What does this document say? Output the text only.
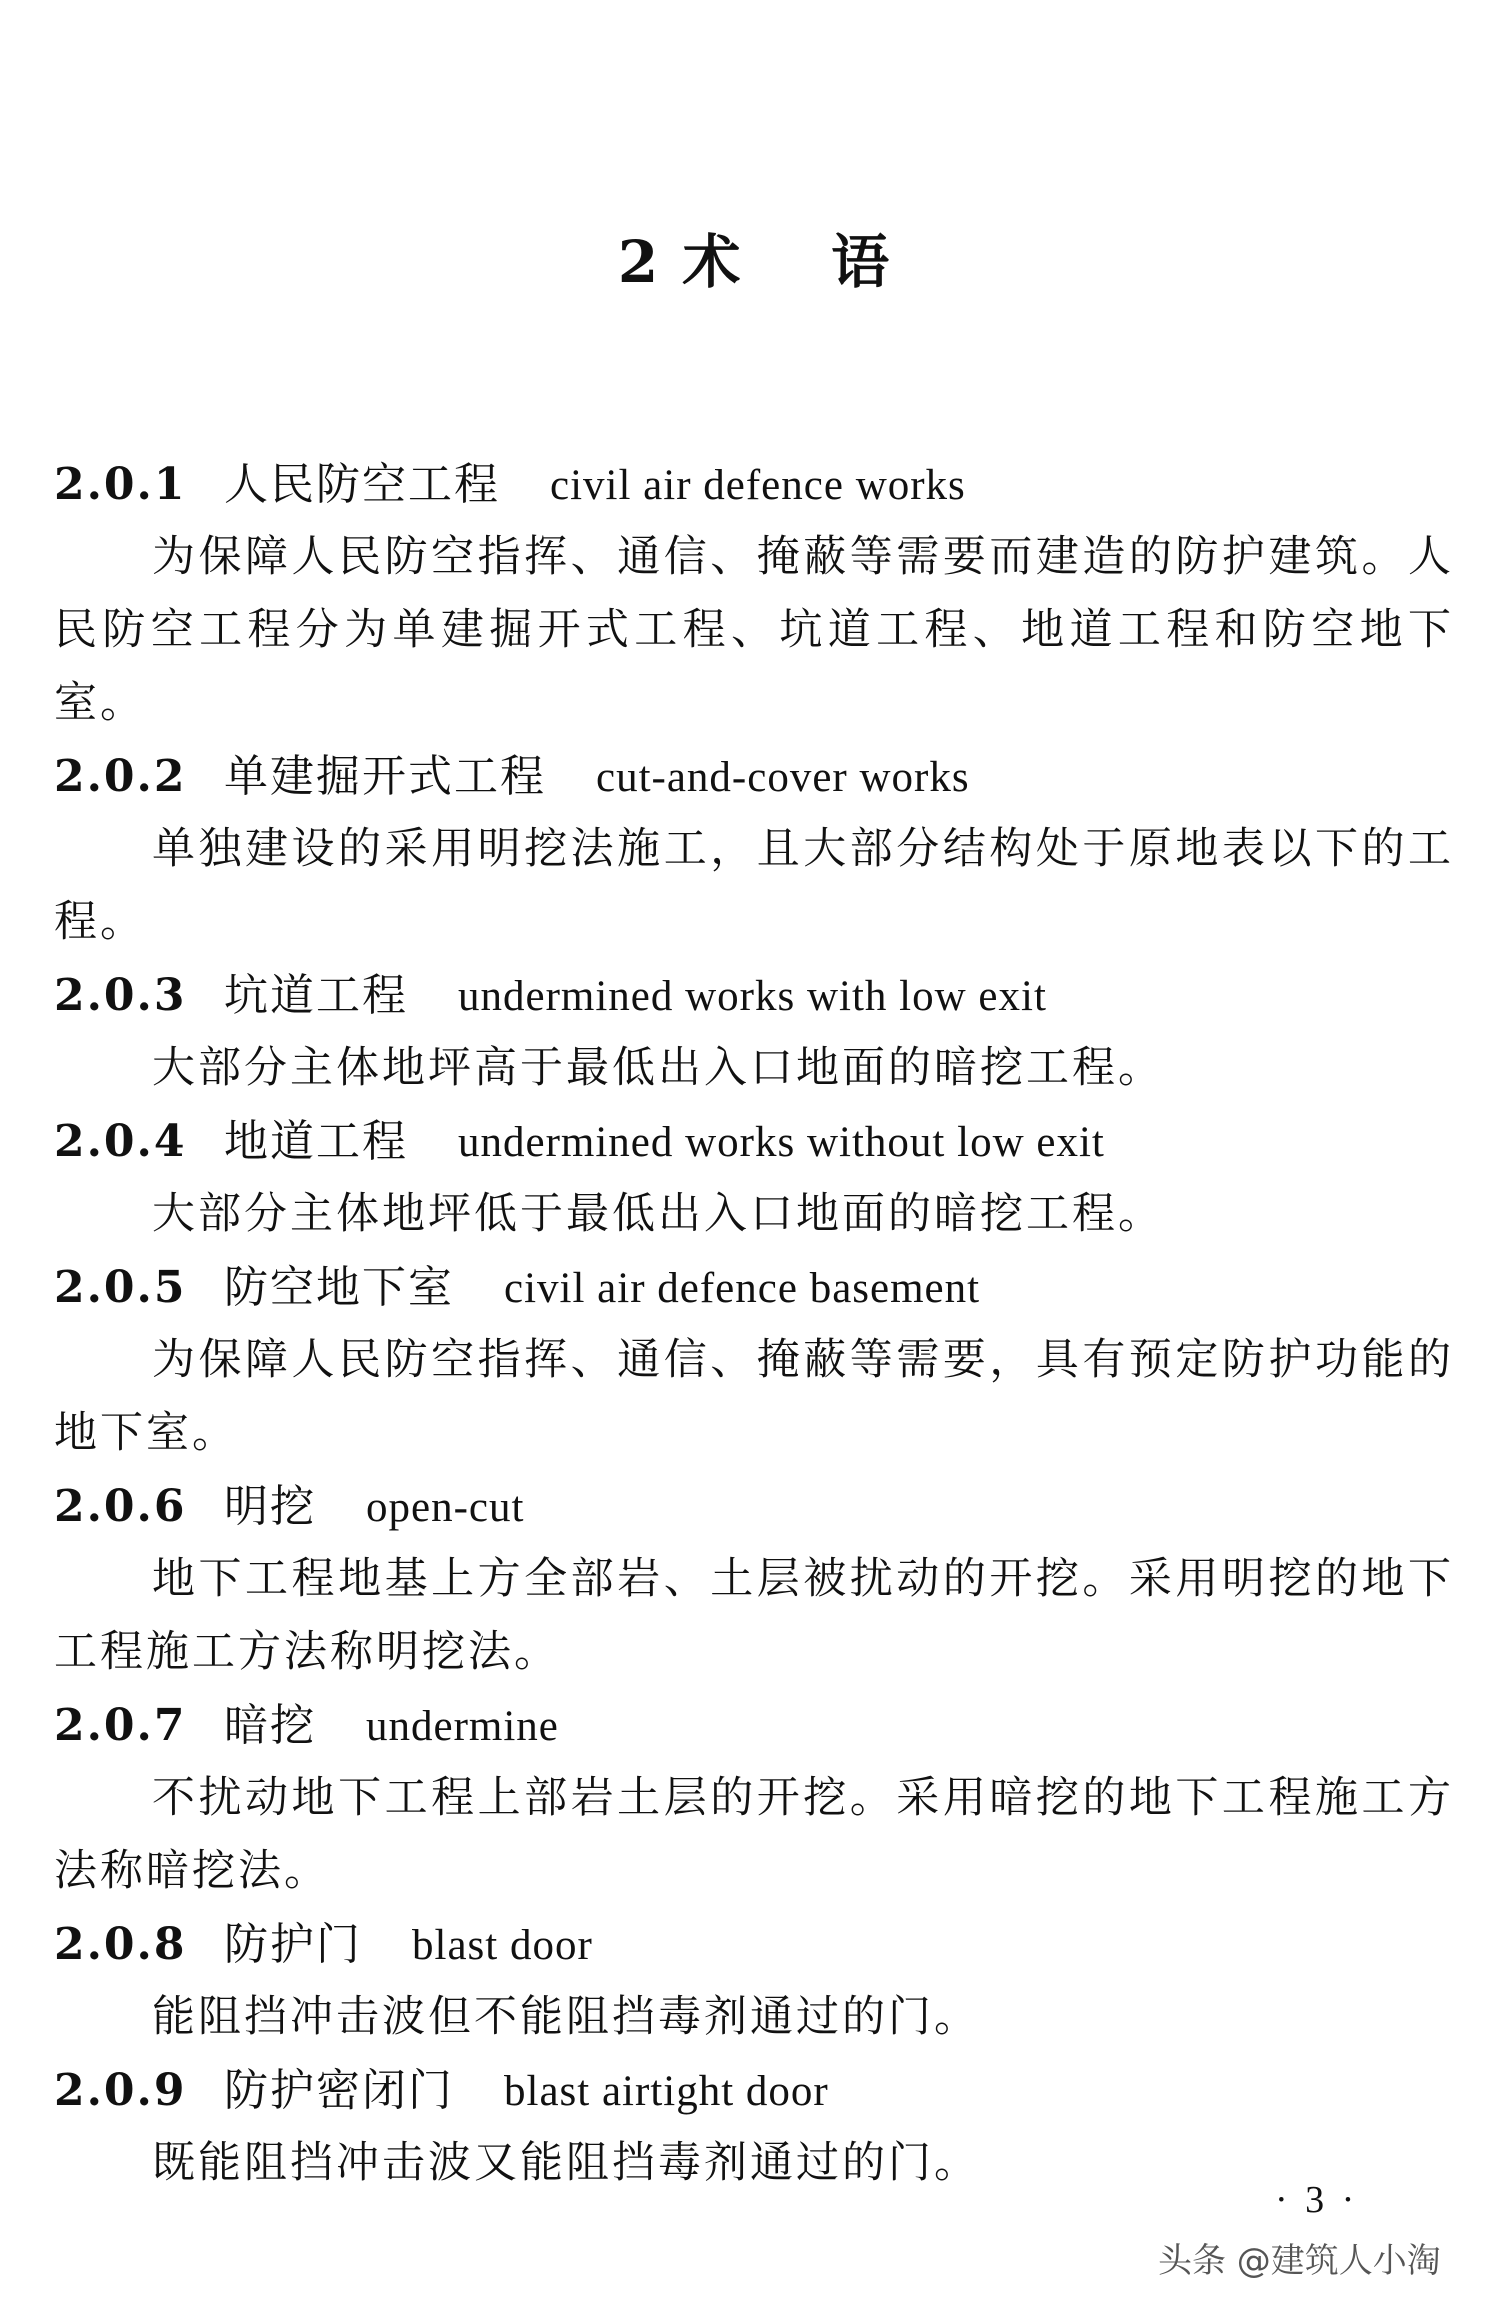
2 术    语
2.0.1 人民防空工程 civil air defence works

为保障人民防空指挥、通信、掩蔽等需要而建造的防护建筑。人民防空工程分为单建掘开式工程、坑道工程、地道工程和防空地下室。

2.0.2 单建掘开式工程 cut-and-cover works

单独建设的采用明挖法施工，且大部分结构处于原地表以下的工程。

2.0.3 坑道工程 undermined works with low exit

大部分主体地坪高于最低出入口地面的暗挖工程。

2.0.4 地道工程 undermined works without low exit

大部分主体地坪低于最低出入口地面的暗挖工程。

2.0.5 防空地下室 civil air defence basement

为保障人民防空指挥、通信、掩蔽等需要，具有预定防护功能的地下室。

2.0.6 明挖 open-cut

地下工程地基上方全部岩、土层被扰动的开挖。采用明挖的地下工程施工方法称明挖法。

2.0.7 暗挖 undermine

不扰动地下工程上部岩土层的开挖。采用暗挖的地下工程施工方法称暗挖法。

2.0.8 防护门 blast door

能阻挡冲击波但不能阻挡毒剂通过的门。

2.0.9 防护密闭门 blast airtight door

既能阻挡冲击波又能阻挡毒剂通过的门。

· 3 ·
头条 @建筑人小淘
